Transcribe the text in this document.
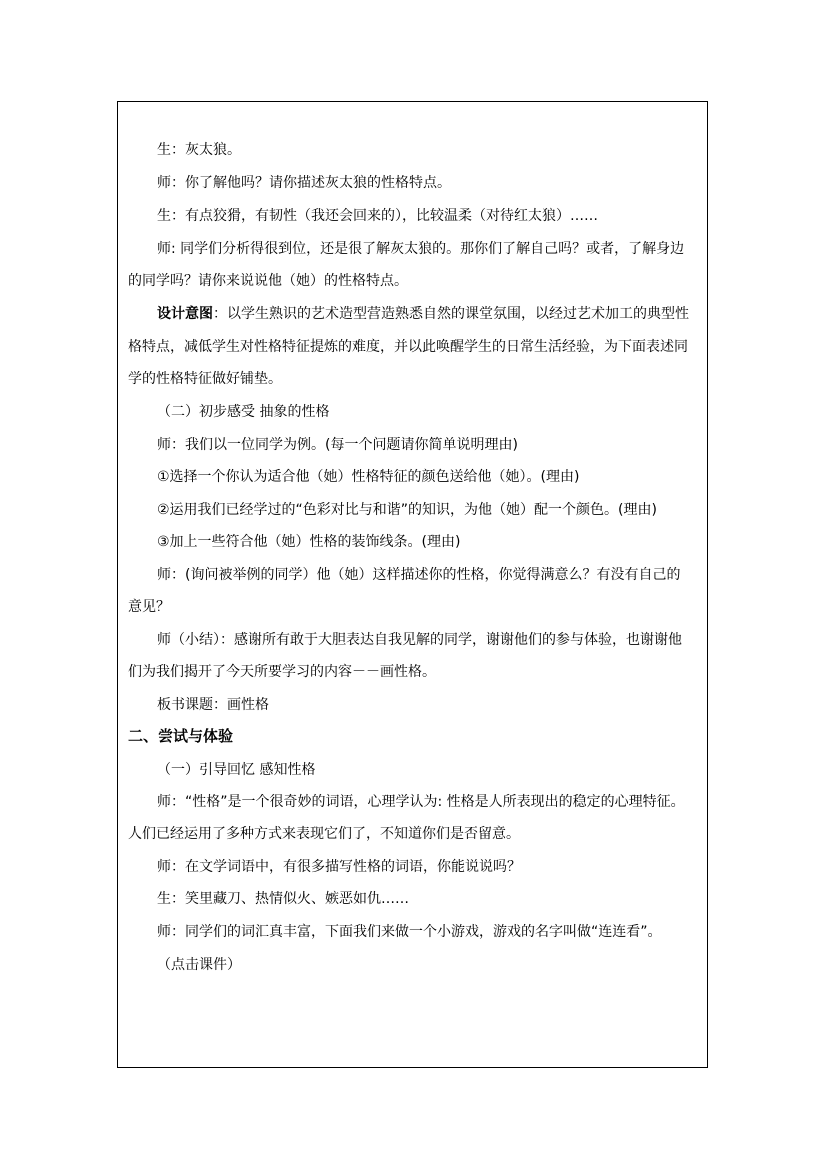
生：灰太狼。
师：你了解他吗？请你描述灰太狼的性格特点。
生：有点狡猾，有韧性（我还会回来的），比较温柔（对待红太狼）……
师: 同学们分析得很到位，还是很了解灰太狼的。那你们了解自己吗？或者，了解身边
的同学吗？请你来说说他（她）的性格特点。
设计意图：以学生熟识的艺术造型营造熟悉自然的课堂氛围，以经过艺术加工的典型性
格特点，减低学生对性格特征提炼的难度，并以此唤醒学生的日常生活经验，为下面表述同
学的性格特征做好铺垫。
（二）初步感受 抽象的性格
师：我们以一位同学为例。(每一个问题请你简单说明理由)
①选择一个你认为适合他（她）性格特征的颜色送给他（她）。(理由)
②运用我们已经学过的“色彩对比与和谐”的知识，为他（她）配一个颜色。(理由)
③加上一些符合他（她）性格的装饰线条。(理由)
师：(询问被举例的同学）他（她）这样描述你的性格，你觉得满意么？有没有自己的
意见？
师（小结）：感谢所有敢于大胆表达自我见解的同学，谢谢他们的参与体验，也谢谢他
们为我们揭开了今天所要学习的内容－－画性格。
板书课题：画性格
二、尝试与体验
（一）引导回忆 感知性格
师：“性格”是一个很奇妙的词语，心理学认为: 性格是人所表现出的稳定的心理特征。
人们已经运用了多种方式来表现它们了，不知道你们是否留意。
师：在文学词语中，有很多描写性格的词语，你能说说吗？
生：笑里藏刀、热情似火、嫉恶如仇……
师：同学们的词汇真丰富，下面我们来做一个小游戏，游戏的名字叫做“连连看”。
（点击课件）
